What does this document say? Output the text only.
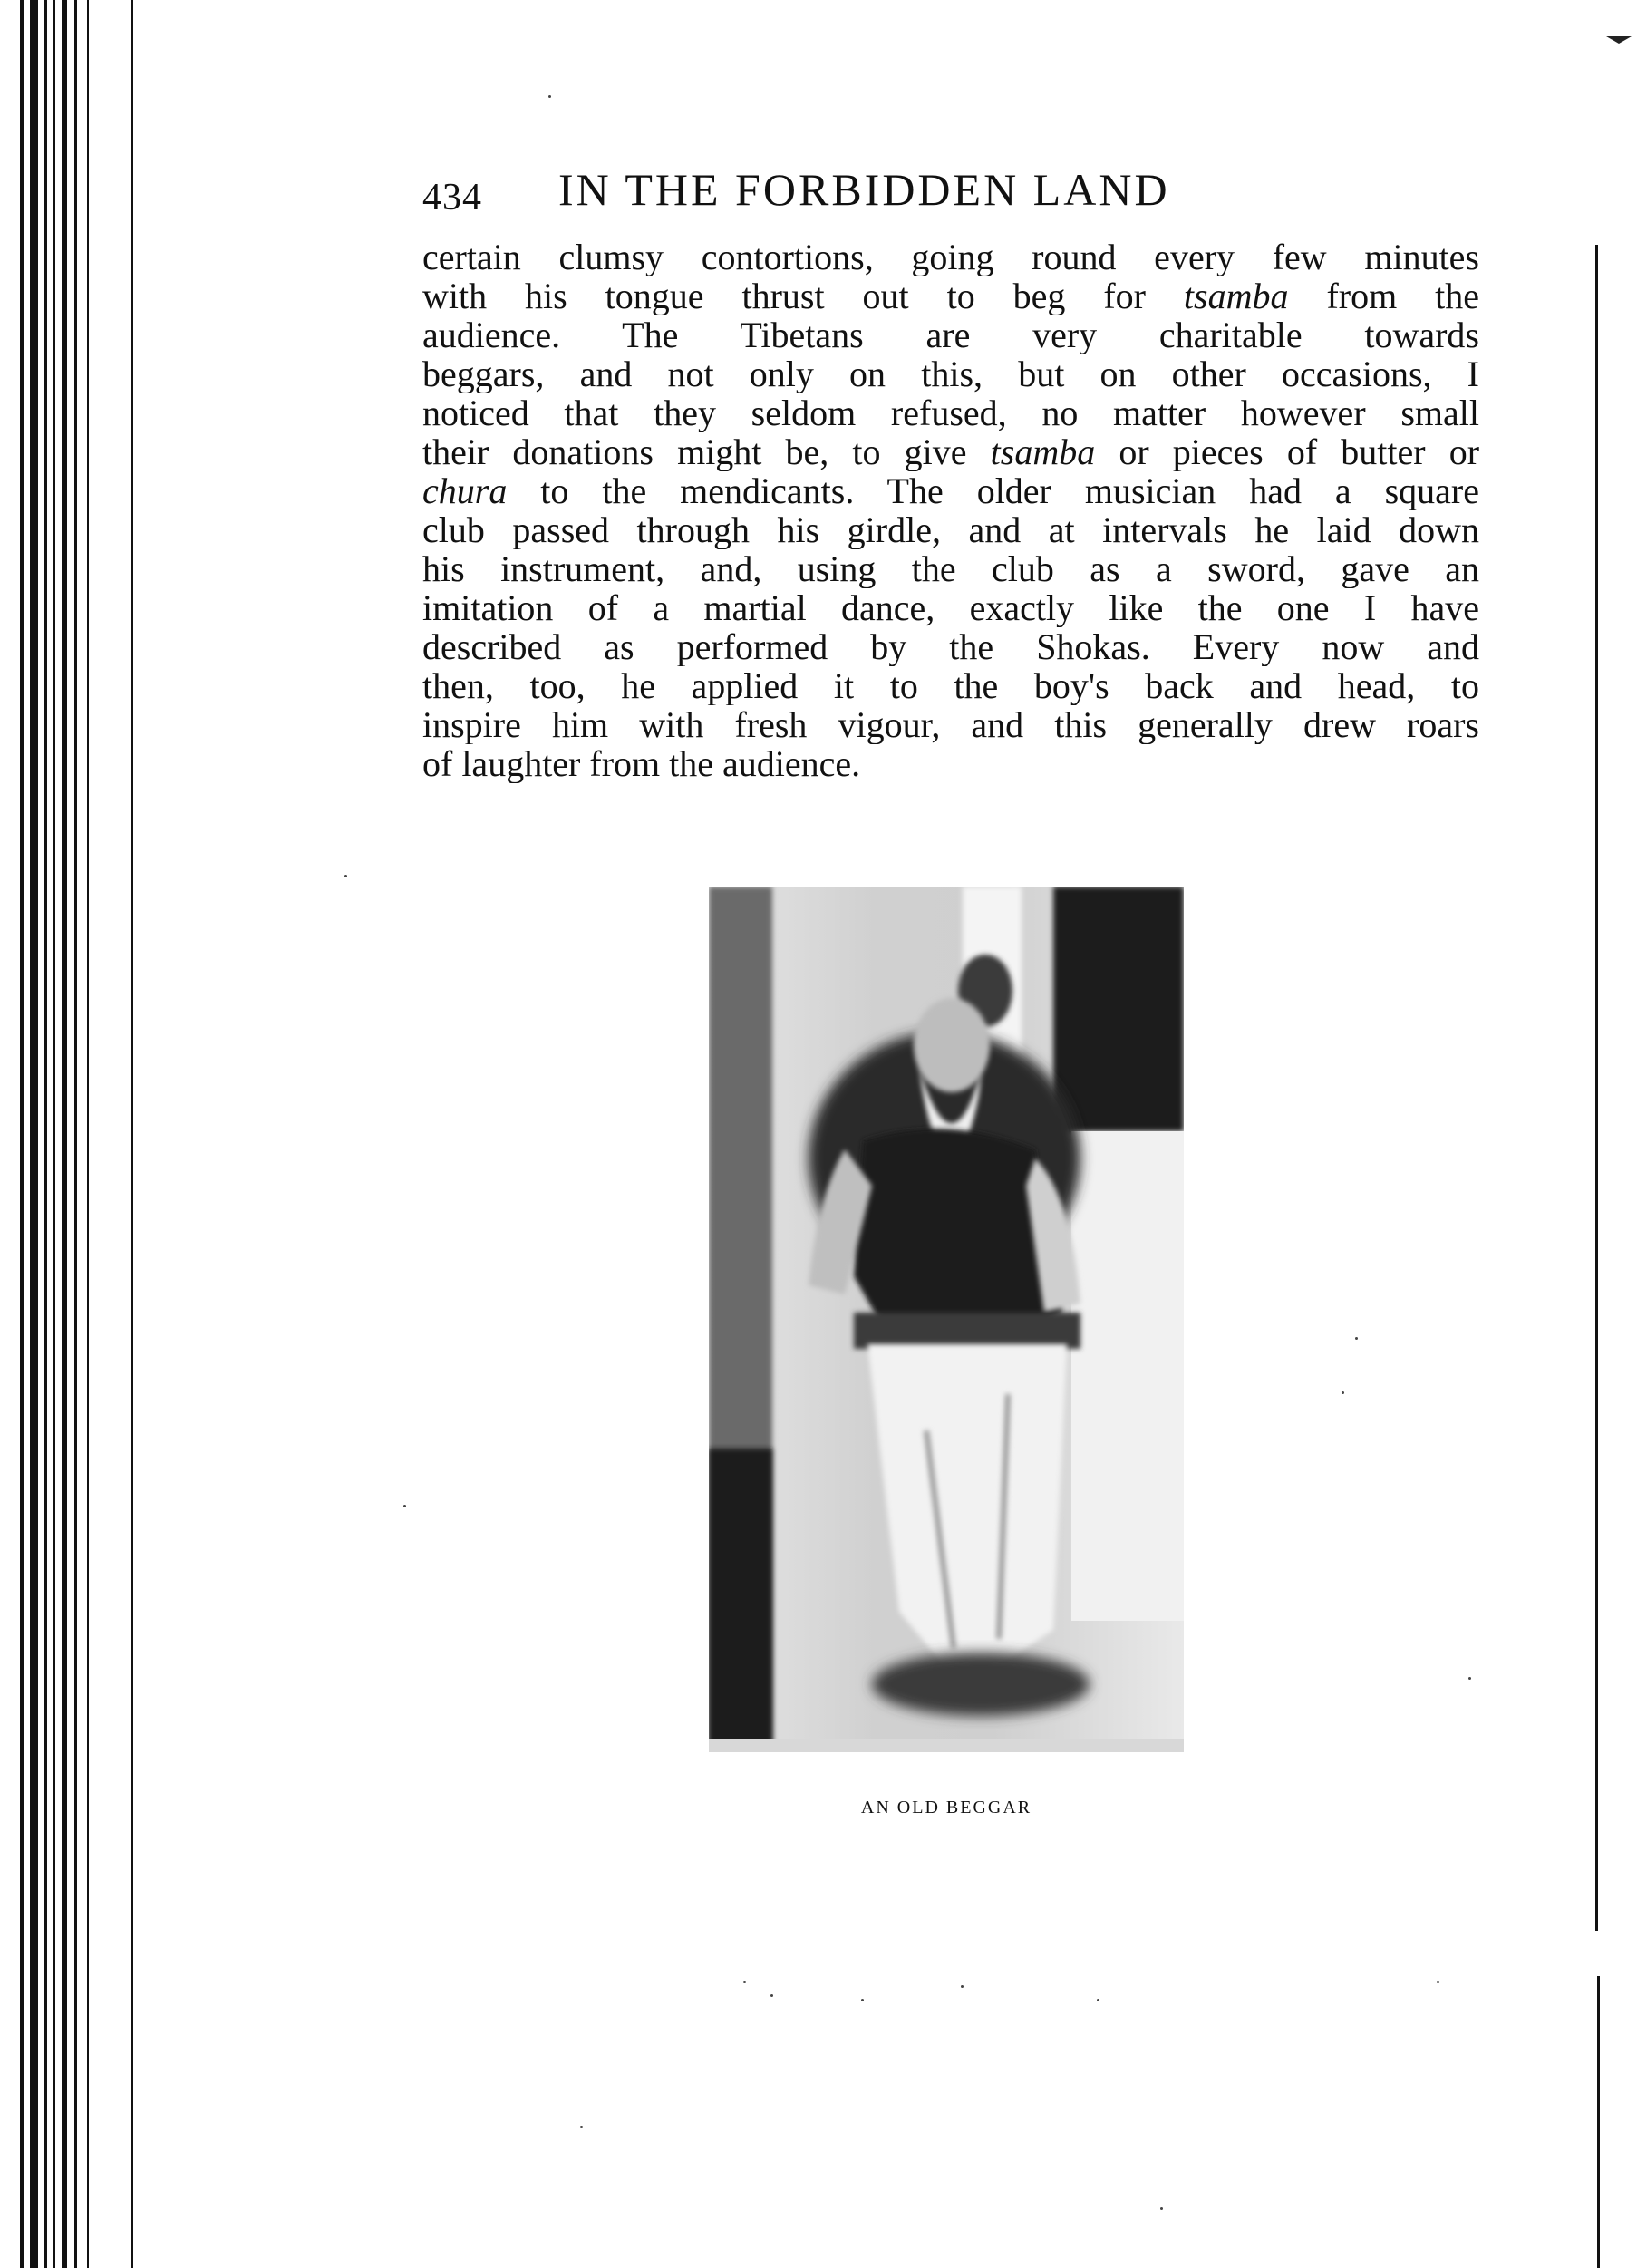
434 IN THE FORBIDDEN LAND
certain clumsy contortions, going round every few minutes
with his tongue thrust out to beg for tsamba from the
audience. The Tibetans are very charitable towards
beggars, and not only on this, but on other occasions, I
noticed that they seldom refused, no matter however small
their donations might be, to give tsamba or pieces of butter or
chura to the mendicants. The older musician had a square
club passed through his girdle, and at intervals he laid down
his instrument, and, using the club as a sword, gave an
imitation of a martial dance, exactly like the one I have
described as performed by the Shokas. Every now and
then, too, he applied it to the boy's back and head, to
inspire him with fresh vigour, and this generally drew roars
of laughter from the audience.
AN OLD BEGGAR
